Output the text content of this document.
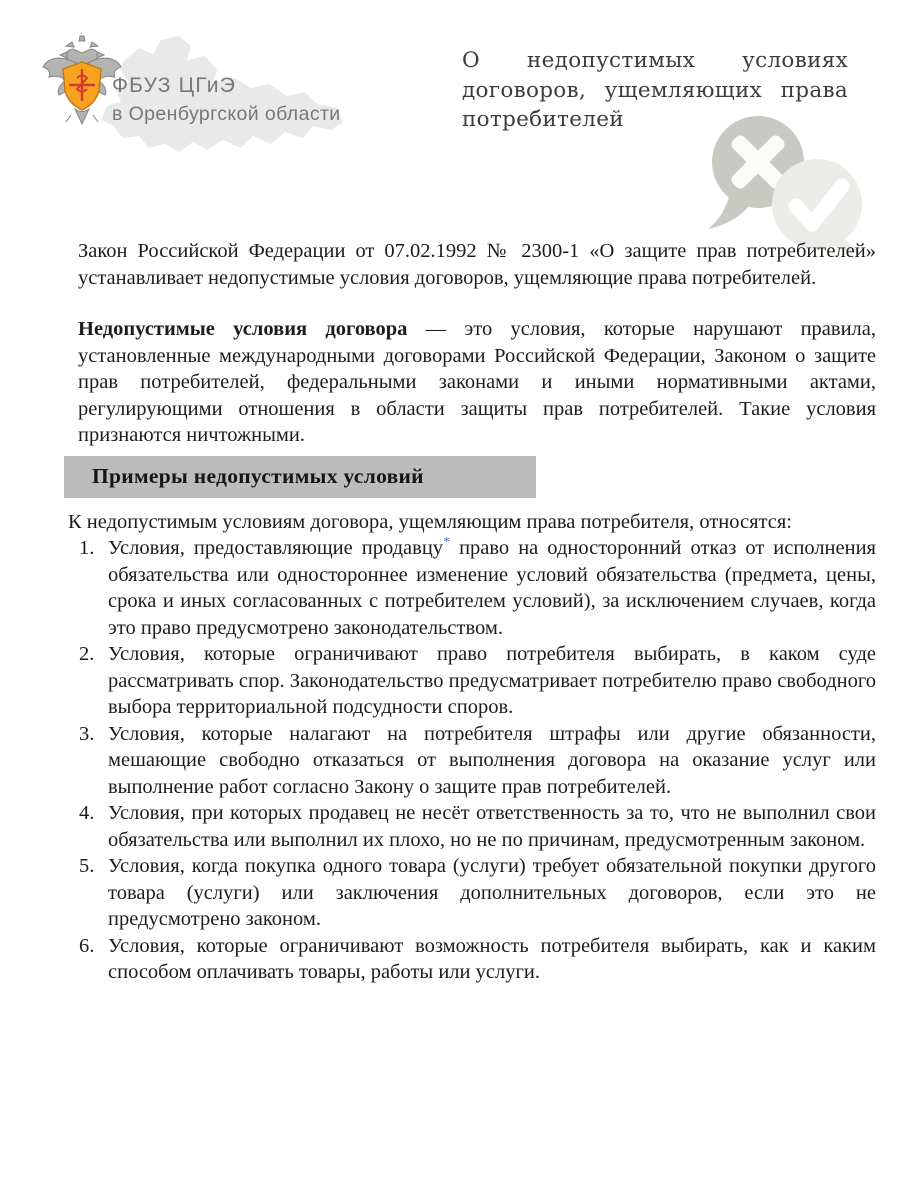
ФБУЗ ЦГиЭ
в Оренбургской области
О недопустимых условиях
договоров, ущемляющих права
потребителей

Закон Российской Федерации от 07.02.1992 № 2300-1 «О защите прав потребителей» устанавливает недопустимые условия договоров, ущемляющие права потребителей.

Недопустимые условия договора — это условия, которые нарушают правила, установленные международными договорами Российской Федерации, Законом о защите прав потребителей, федеральными законами и иными нормативными актами, регулирующими отношения в области защиты прав потребителей. Такие условия признаются ничтожными.

Примеры недопустимых условий

К недопустимым условиям договора, ущемляющим права потребителя, относятся:

1. Условия, предоставляющие продавцу* право на односторонний отказ от исполнения обязательства или одностороннее изменение условий обязательства (предмета, цены, срока и иных согласованных с потребителем условий), за исключением случаев, когда это право предусмотрено законодательством.
2. Условия, которые ограничивают право потребителя выбирать, в каком суде рассматривать спор. Законодательство предусматривает потребителю право свободного выбора территориальной подсудности споров.
3. Условия, которые налагают на потребителя штрафы или другие обязанности, мешающие свободно отказаться от выполнения договора на оказание услуг или выполнение работ согласно Закону о защите прав потребителей.
4. Условия, при которых продавец не несёт ответственность за то, что не выполнил свои обязательства или выполнил их плохо, но не по причинам, предусмотренным законом.
5. Условия, когда покупка одного товара (услуги) требует обязательной покупки другого товара (услуги) или заключения дополнительных договоров, если это не предусмотрено законом.
6. Условия, которые ограничивают возможность потребителя выбирать, как и каким способом оплачивать товары, работы или услуги.
